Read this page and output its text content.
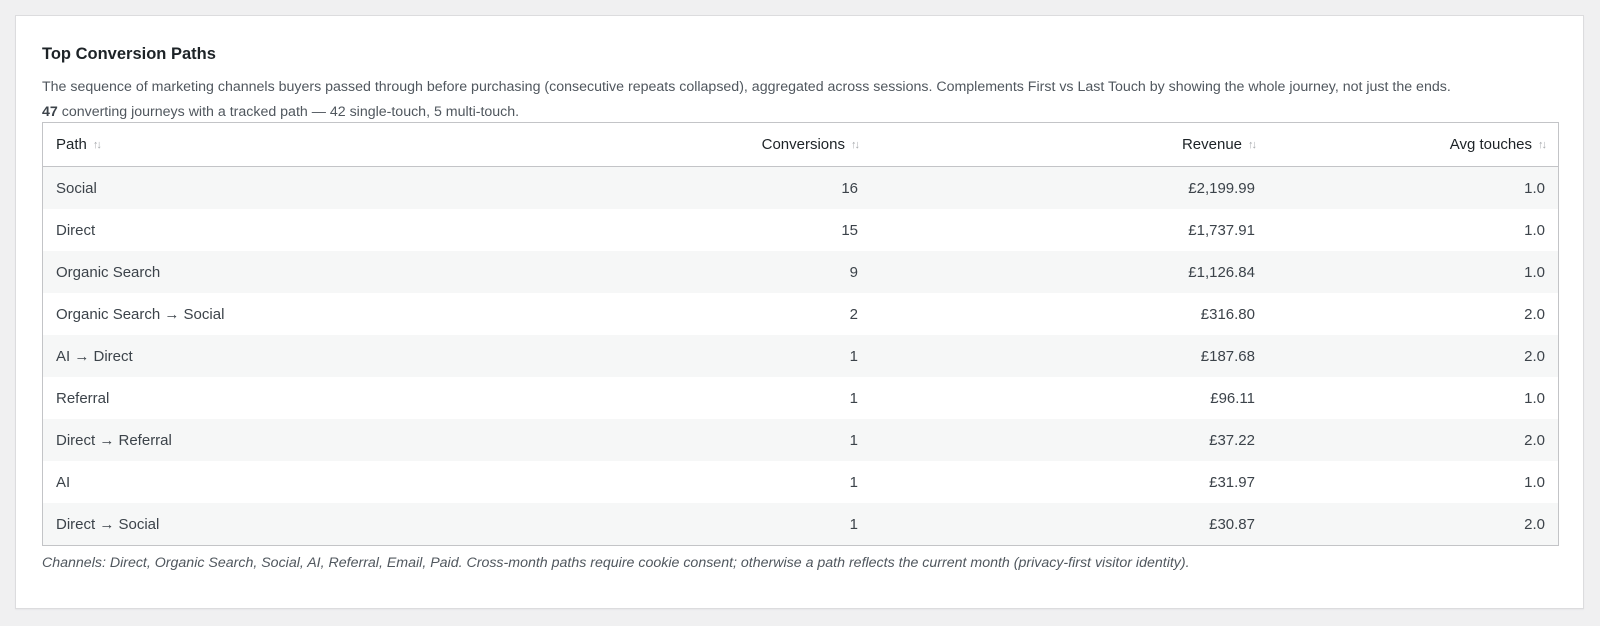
Top Conversion Paths

The sequence of marketing channels buyers passed through before purchasing (consecutive repeats collapsed), aggregated across sessions. Complements First vs Last Touch by showing the whole journey, not just the ends.

47 converting journeys with a tracked path — 42 single-touch, 5 multi-touch.

Path ↑↓	Conversions ↑↓	Revenue ↑↓	Avg touches ↑↓
Social	16	£2,199.99	1.0
Direct	15	£1,737.91	1.0
Organic Search	9	£1,126.84	1.0
Organic Search → Social	2	£316.80	2.0
AI → Direct	1	£187.68	2.0
Referral	1	£96.11	1.0
Direct → Referral	1	£37.22	2.0
AI	1	£31.97	1.0
Direct → Social	1	£30.87	2.0

Channels: Direct, Organic Search, Social, AI, Referral, Email, Paid. Cross-month paths require cookie consent; otherwise a path reflects the current month (privacy-first visitor identity).
